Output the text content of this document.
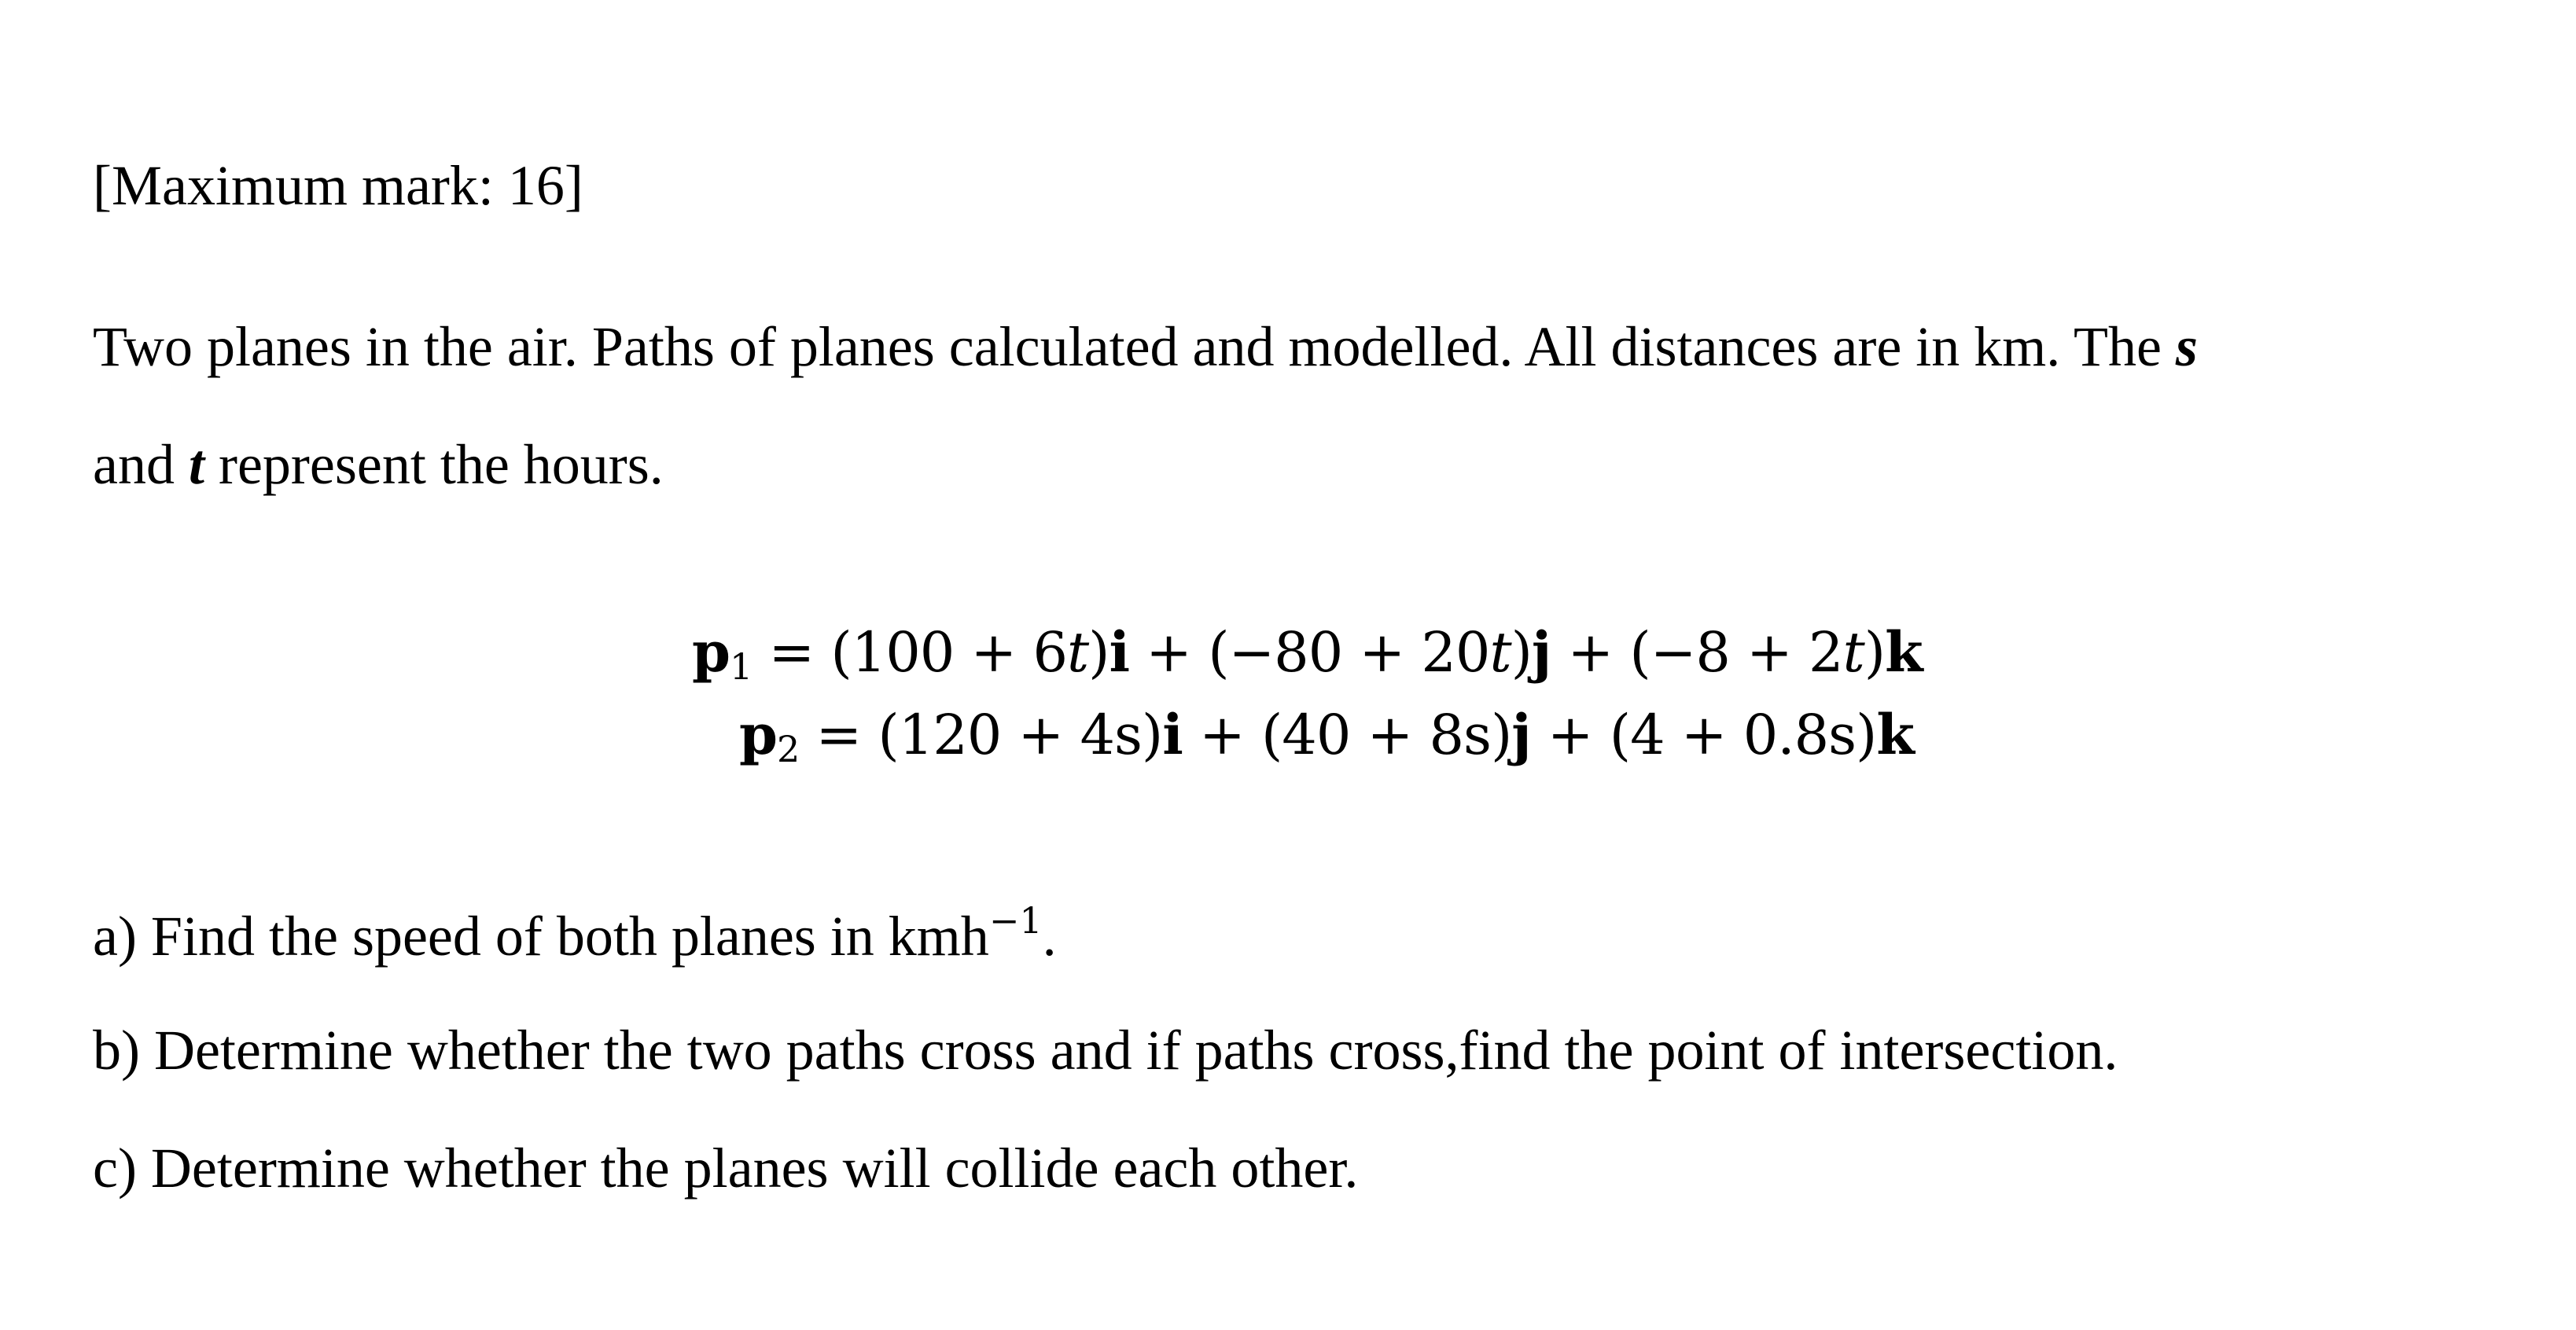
[Maximum mark: 16]
Two planes in the air. Paths of planes calculated and modelled. All distances are in km. The s
and t represent the hours.
$p_1 = (100 + 6t)i + (-80 + 20t)j + (-8 + 2t)k$
$p_2 = (120 + 4s)i + (40 + 8s)j + (4 + 0.8s)k$
a) Find the speed of both planes in kmh$^{-1}$.
b) Determine whether the two paths cross and if paths cross,find the point of intersection.
c) Determine whether the planes will collide each other.
